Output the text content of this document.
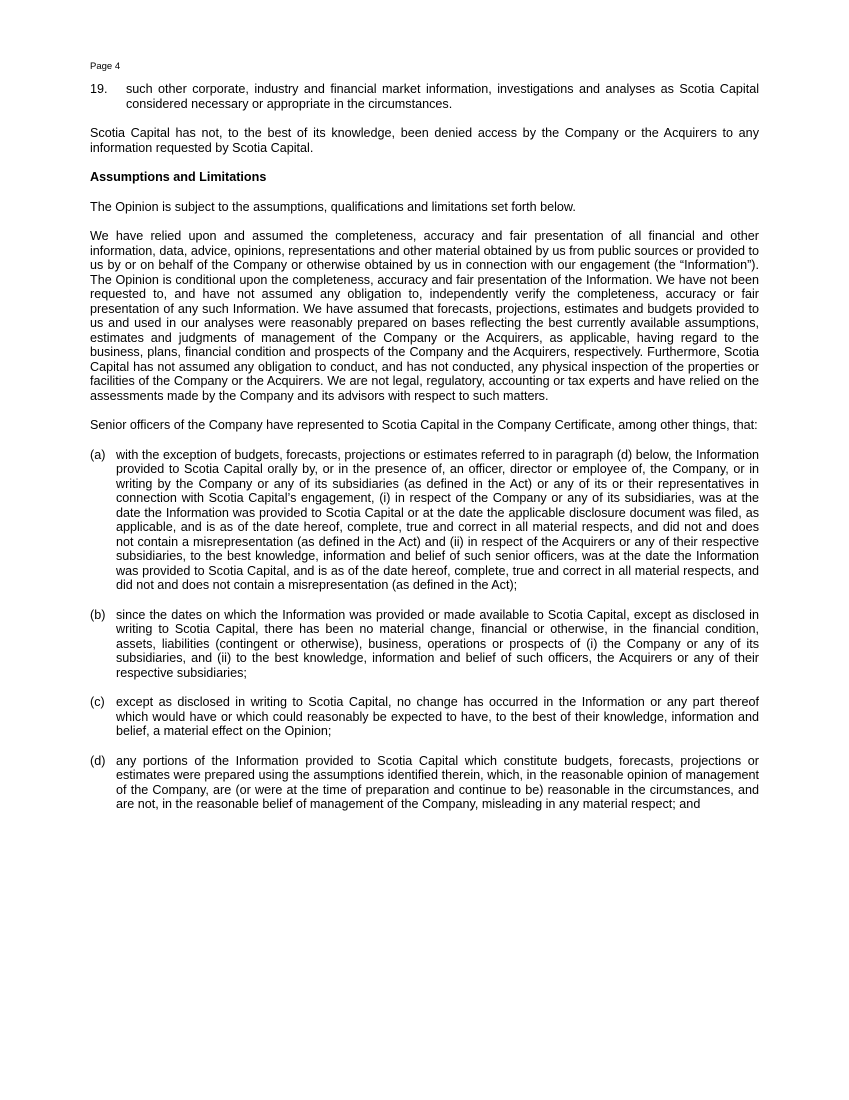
Page 4
19.	such other corporate, industry and financial market information, investigations and analyses as Scotia Capital considered necessary or appropriate in the circumstances.

Scotia Capital has not, to the best of its knowledge, been denied access by the Company or the Acquirers to any information requested by Scotia Capital.

Assumptions and Limitations

The Opinion is subject to the assumptions, qualifications and limitations set forth below.

We have relied upon and assumed the completeness, accuracy and fair presentation of all financial and other information, data, advice, opinions, representations and other material obtained by us from public sources or provided to us by or on behalf of the Company or otherwise obtained by us in connection with our engagement (the “Information”). The Opinion is conditional upon the completeness, accuracy and fair presentation of the Information. We have not been requested to, and have not assumed any obligation to, independently verify the completeness, accuracy or fair presentation of any such Information. We have assumed that forecasts, projections, estimates and budgets provided to us and used in our analyses were reasonably prepared on bases reflecting the best currently available assumptions, estimates and judgments of management of the Company or the Acquirers, as applicable, having regard to the business, plans, financial condition and prospects of the Company and the Acquirers, respectively. Furthermore, Scotia Capital has not assumed any obligation to conduct, and has not conducted, any physical inspection of the properties or facilities of the Company or the Acquirers. We are not legal, regulatory, accounting or tax experts and have relied on the assessments made by the Company and its advisors with respect to such matters.

Senior officers of the Company have represented to Scotia Capital in the Company Certificate, among other things, that:

(a) with the exception of budgets, forecasts, projections or estimates referred to in paragraph (d) below, the Information provided to Scotia Capital orally by, or in the presence of, an officer, director or employee of, the Company, or in writing by the Company or any of its subsidiaries (as defined in the Act) or any of its or their representatives in connection with Scotia Capital’s engagement, (i) in respect of the Company or any of its subsidiaries, was at the date the Information was provided to Scotia Capital or at the date the applicable disclosure document was filed, as applicable, and is as of the date hereof, complete, true and correct in all material respects, and did not and does not contain a misrepresentation (as defined in the Act) and (ii) in respect of the Acquirers or any of their respective subsidiaries, to the best knowledge, information and belief of such senior officers, was at the date the Information was provided to Scotia Capital, and is as of the date hereof, complete, true and correct in all material respects, and did not and does not contain a misrepresentation (as defined in the Act);
(b) since the dates on which the Information was provided or made available to Scotia Capital, except as disclosed in writing to Scotia Capital, there has been no material change, financial or otherwise, in the financial condition, assets, liabilities (contingent or otherwise), business, operations or prospects of (i) the Company or any of its subsidiaries, and (ii) to the best knowledge, information and belief of such officers, the Acquirers or any of their respective subsidiaries;
(c) except as disclosed in writing to Scotia Capital, no change has occurred in the Information or any part thereof which would have or which could reasonably be expected to have, to the best of their knowledge, information and belief, a material effect on the Opinion;
(d) any portions of the Information provided to Scotia Capital which constitute budgets, forecasts, projections or estimates were prepared using the assumptions identified therein, which, in the reasonable opinion of management of the Company, are (or were at the time of preparation and continue to be) reasonable in the circumstances, and are not, in the reasonable belief of management of the Company, misleading in any material respect; and
